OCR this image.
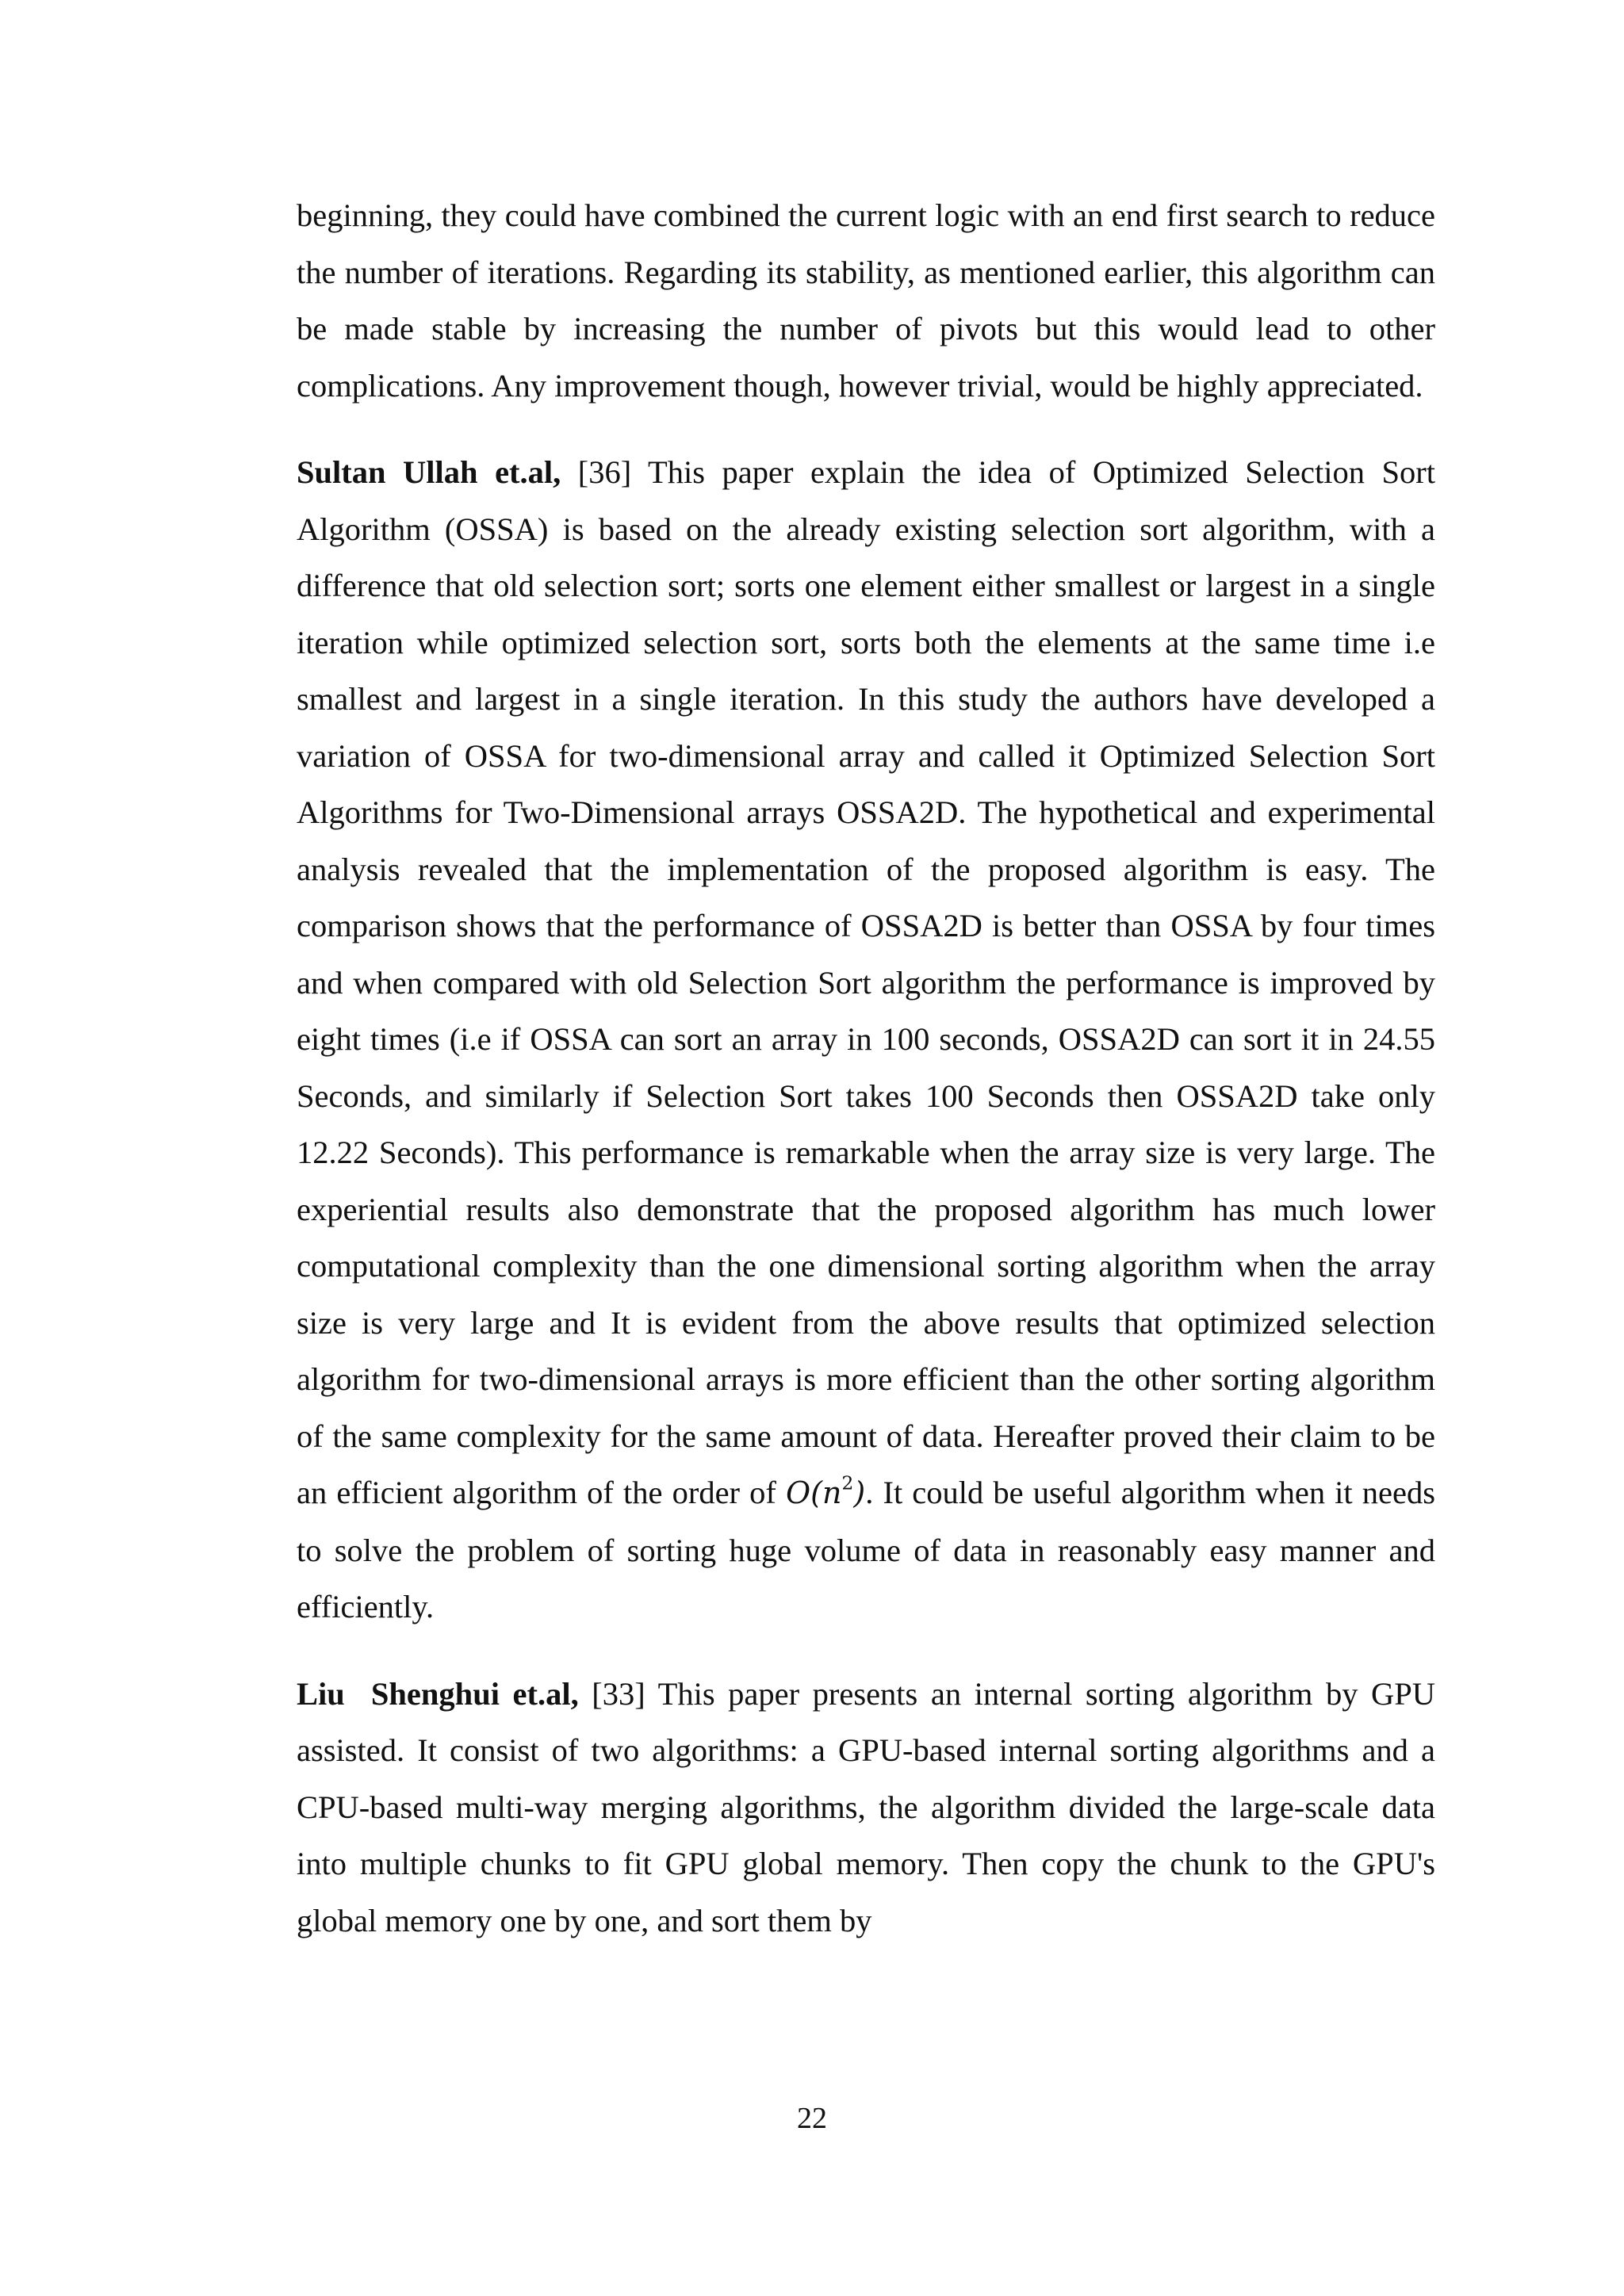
beginning, they could have combined the current logic with an end first search to reduce the number of iterations. Regarding its stability, as mentioned earlier, this algorithm can be made stable by increasing the number of pivots but this would lead to other complications. Any improvement though, however trivial, would be highly appreciated.

Sultan Ullah et.al, [36] This paper explain the idea of Optimized Selection Sort Algorithm (OSSA) is based on the already existing selection sort algorithm, with a difference that old selection sort; sorts one element either smallest or largest in a single iteration while optimized selection sort, sorts both the elements at the same time i.e smallest and largest in a single iteration. In this study the authors have developed a variation of OSSA for two-dimensional array and called it Optimized Selection Sort Algorithms for Two-Dimensional arrays OSSA2D. The hypothetical and experimental analysis revealed that the implementation of the proposed algorithm is easy. The comparison shows that the performance of OSSA2D is better than OSSA by four times and when compared with old Selection Sort algorithm the performance is improved by eight times (i.e if OSSA can sort an array in 100 seconds, OSSA2D can sort it in 24.55 Seconds, and similarly if Selection Sort takes 100 Seconds then OSSA2D take only 12.22 Seconds). This performance is remarkable when the array size is very large. The experiential results also demonstrate that the proposed algorithm has much lower computational complexity than the one dimensional sorting algorithm when the array size is very large and It is evident from the above results that optimized selection algorithm for two-dimensional arrays is more efficient than the other sorting algorithm of the same complexity for the same amount of data. Hereafter proved their claim to be an efficient algorithm of the order of $O(n^2)$. It could be useful algorithm when it needs to solve the problem of sorting huge volume of data in reasonably easy manner and efficiently.

Liu  Shenghui et.al, [33] This paper presents an internal sorting algorithm by GPU assisted. It consist of two algorithms: a GPU-based internal sorting algorithms and a CPU-based multi-way merging algorithms, the algorithm divided the large-scale data into multiple chunks to fit GPU global memory. Then copy the chunk to the GPU's global memory one by one, and sort them by

22
